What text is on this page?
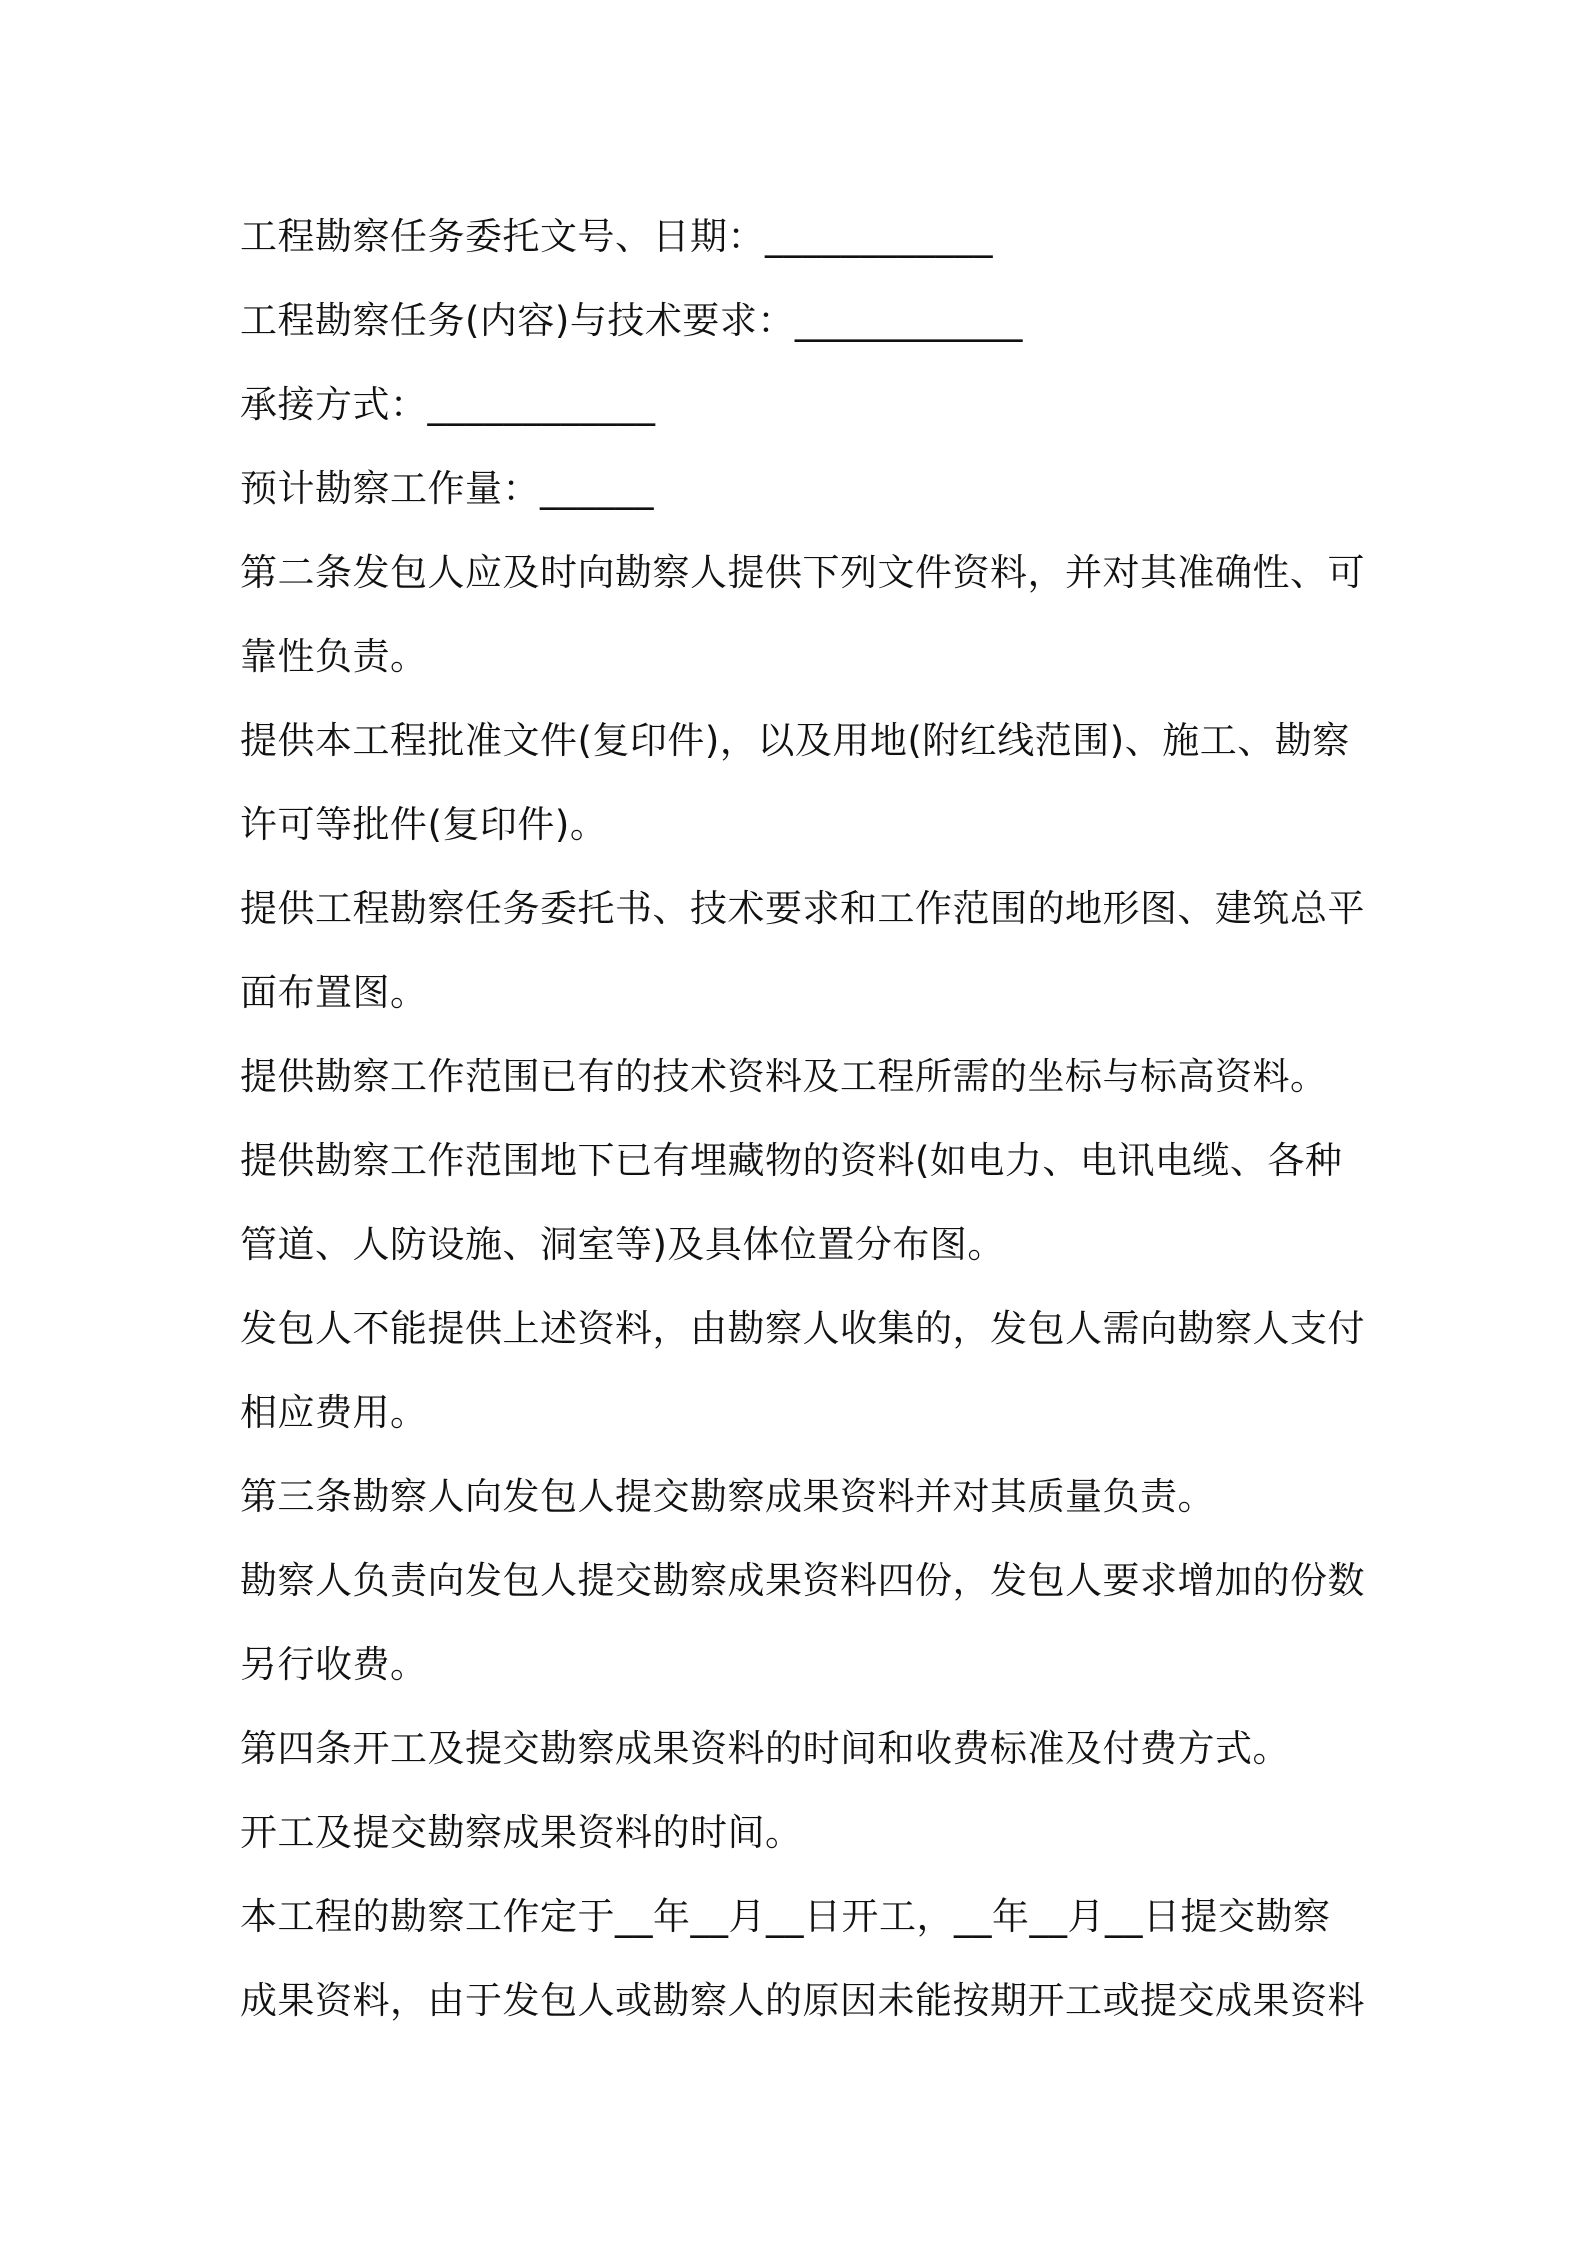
工程勘察任务委托文号、日期：____________
工程勘察任务(内容)与技术要求：____________
承接方式：____________
预计勘察工作量：______
第二条发包人应及时向勘察人提供下列文件资料，并对其准确性、可
靠性负责。
提供本工程批准文件(复印件)，以及用地(附红线范围)、施工、勘察
许可等批件(复印件)。
提供工程勘察任务委托书、技术要求和工作范围的地形图、建筑总平
面布置图。
提供勘察工作范围已有的技术资料及工程所需的坐标与标高资料。
提供勘察工作范围地下已有埋藏物的资料(如电力、电讯电缆、各种
管道、人防设施、洞室等)及具体位置分布图。
发包人不能提供上述资料，由勘察人收集的，发包人需向勘察人支付
相应费用。
第三条勘察人向发包人提交勘察成果资料并对其质量负责。
勘察人负责向发包人提交勘察成果资料四份，发包人要求增加的份数
另行收费。
第四条开工及提交勘察成果资料的时间和收费标准及付费方式。
开工及提交勘察成果资料的时间。
本工程的勘察工作定于__年__月__日开工，__年__月__日提交勘察
成果资料，由于发包人或勘察人的原因未能按期开工或提交成果资料
